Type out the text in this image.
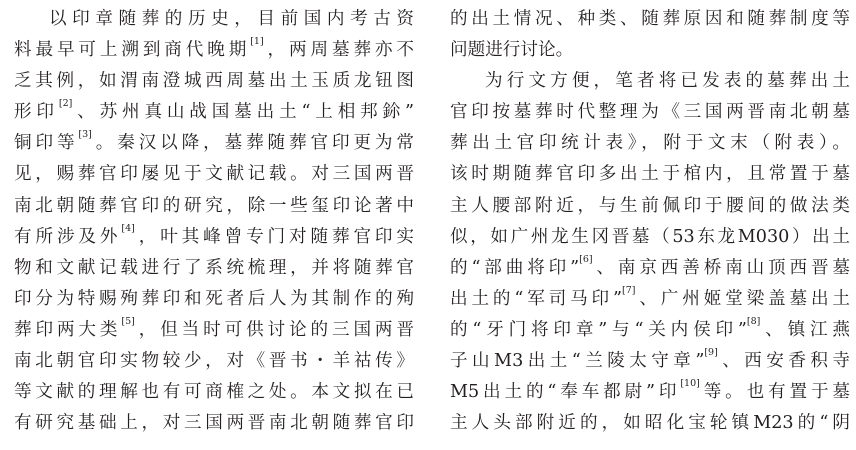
以印章随葬的历史，目前国内考古资
料最早可上溯到商代晚期[1]，两周墓葬亦不
乏其例，如渭南澄城西周墓出土玉质龙钮图
形印[2]、苏州真山战国墓出土“上相邦鉩”
铜印等[3]。秦汉以降，墓葬随葬官印更为常
见，赐葬官印屡见于文献记载。对三国两晋
南北朝随葬官印的研究，除一些玺印论著中
有所涉及外[4]，叶其峰曾专门对随葬官印实
物和文献记载进行了系统梳理，并将随葬官
印分为特赐殉葬印和死者后人为其制作的殉
葬印两大类[5]，但当时可供讨论的三国两晋
南北朝官印实物较少，对《晋书・羊祜传》
等文献的理解也有可商榷之处。本文拟在已
有研究基础上，对三国两晋南北朝随葬官印
的出土情况、种类、随葬原因和随葬制度等
问题进行讨论。
为行文方便，笔者将已发表的墓葬出土
官印按墓葬时代整理为《三国两晋南北朝墓
葬出土官印统计表》，附于文末（附表）。
该时期随葬官印多出土于棺内，且常置于墓
主人腰部附近，与生前佩印于腰间的做法类
似，如广州龙生冈晋墓（53东龙M030）出土
的“部曲将印”[6]、南京西善桥南山顶西晋墓
出土的“军司马印”[7]、广州姬堂梁盖墓出土
的“牙门将印章”与“关内侯印”[8]、镇江燕
子山M3出土“兰陵太守章”[9]、西安香积寺
M5出土的“奉车都尉”印[10]等。也有置于墓
主人头部附近的，如昭化宝轮镇M23的“阴
